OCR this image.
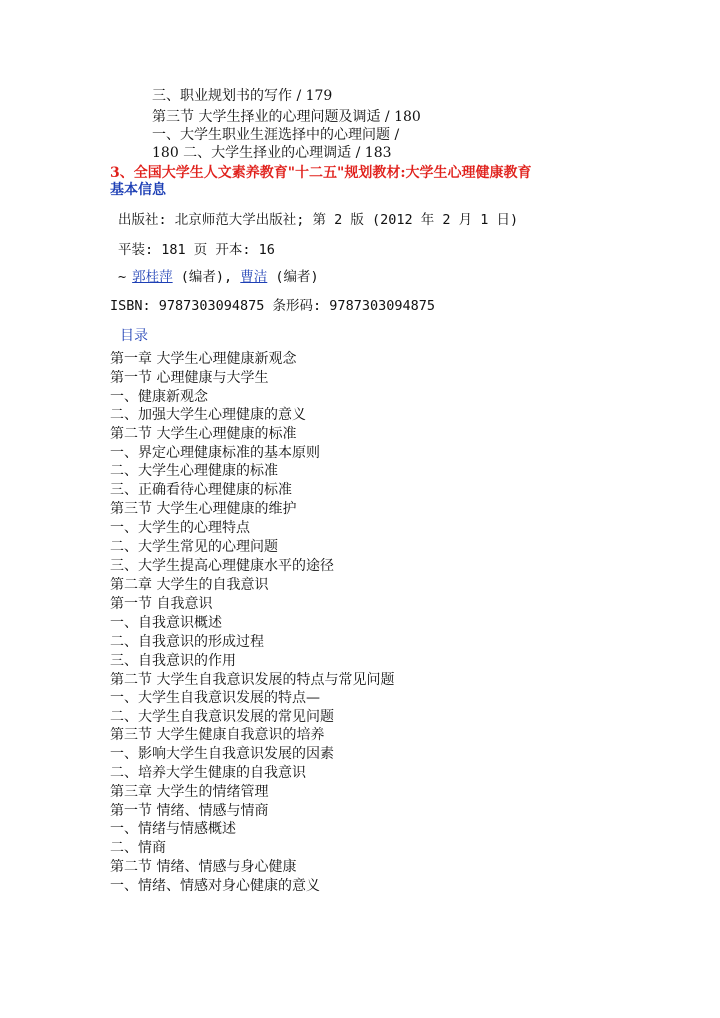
三、职业规划书的写作 / 179
第三节 大学生择业的心理问题及调适 / 180
一、大学生职业生涯选择中的心理问题 /
180 二、大学生择业的心理调适 / 183
3、全国大学生人文素养教育"十二五"规划教材:大学生心理健康教育
基本信息
出版社: 北京师范大学出版社; 第 2 版 (2012 年 2 月 1 日)
平装: 181 页 开本: 16
~ 郭桂萍 (编者), 曹洁 (编者)
ISBN: 9787303094875 条形码: 9787303094875
目录
第一章 大学生心理健康新观念
第一节 心理健康与大学生
一、健康新观念
二、加强大学生心理健康的意义
第二节 大学生心理健康的标准
一、界定心理健康标准的基本原则
二、大学生心理健康的标准
三、正确看待心理健康的标准
第三节 大学生心理健康的维护
一、大学生的心理特点
二、大学生常见的心理问题
三、大学生提高心理健康水平的途径
第二章 大学生的自我意识
第一节 自我意识
一、自我意识概述
二、自我意识的形成过程
三、自我意识的作用
第二节 大学生自我意识发展的特点与常见问题
一、大学生自我意识发展的特点—
二、大学生自我意识发展的常见问题
第三节 大学生健康自我意识的培养
一、影响大学生自我意识发展的因素
二、培养大学生健康的自我意识
第三章 大学生的情绪管理
第一节 情绪、情感与情商
一、情绪与情感概述
二、情商
第二节 情绪、情感与身心健康
一、情绪、情感对身心健康的意义
